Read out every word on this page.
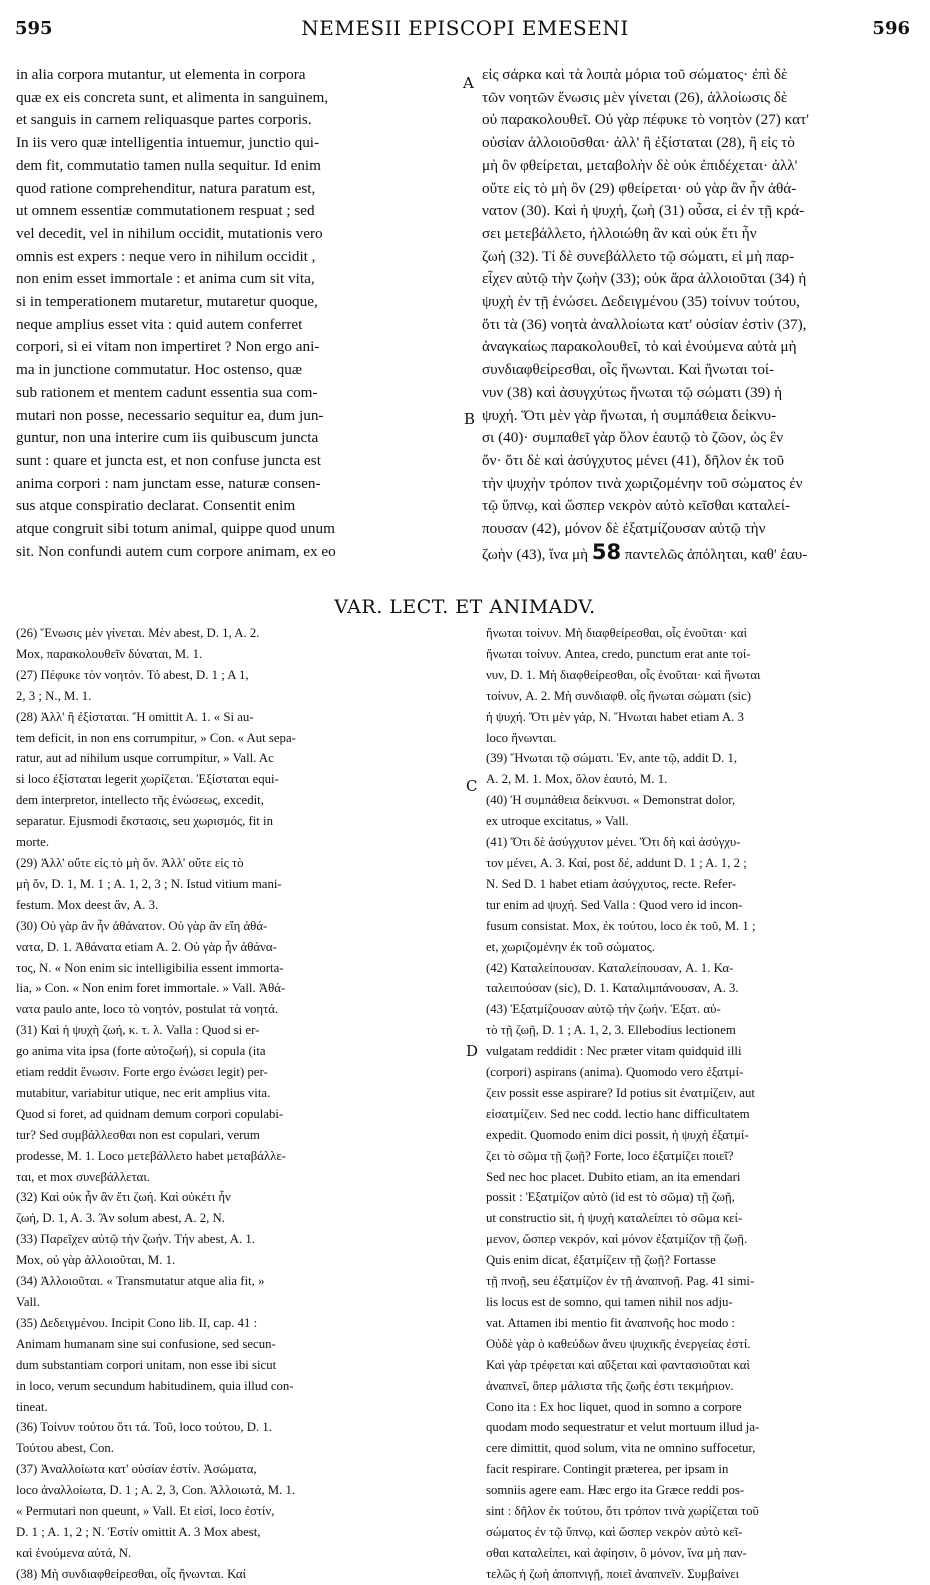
595	NEMESII EPISCOPI EMESENI	596
in alia corpora mutantur, ut elementa in corpora
quæ ex eis concreta sunt, et alimenta in sanguinem,
et sanguis in carnem reliquasque partes corporis.
In iis vero quæ intelligentia intuemur, junctio qui-
dem fit, commutatio tamen nulla sequitur. Id enim
quod ratione comprehenditur, natura paratum est,
ut omnem essentiæ commutationem respuat ; sed
vel decedit, vel in nihilum occidit, mutationis vero
omnis est expers : neque vero in nihilum occidit ,
non enim esset immortale : et anima cum sit vita,
si in temperationem mutaretur, mutaretur quoque,
neque amplius esset vita : quid autem conferret
corpori, si ei vitam non impertiret ? Non ergo ani-
ma in junctione commutatur. Hoc ostenso, quæ
sub rationem et mentem cadunt essentia sua com-
mutari non posse, necessario sequitur ea, dum jun-
guntur, non una interire cum iis quibuscum juncta
sunt : quare et juncta est, et non confuse juncta est
anima corpori : nam junctam esse, naturæ consen-
sus atque conspiratio declarat. Consentit enim
atque congruit sibi totum animal, quippe quod unum
sit. Non confundi autem cum corpore animam, ex eo
εἰς σάρκα καὶ τὰ λοιπὰ μόρια τοῦ σώματος· ἐπὶ δὲ
τῶν νοητῶν ἕνωσις μὲν γίνεται (26), ἀλλοίωσις δὲ
οὐ παρακολουθεῖ. Οὐ γὰρ πέφυκε τὸ νοητὸν (27) κατ'
οὐσίαν ἀλλοιοῦσθαι· ἀλλ' ἢ ἐξίσταται (28), ἢ εἰς τὸ
μὴ ὂν φθείρεται, μεταβολὴν δὲ οὐκ ἐπιδέχεται· ἀλλ'
οὔτε εἰς τὸ μὴ ὂν (29) φθείρεται· οὐ γὰρ ἂν ἦν ἀθά-
νατον (30). Καὶ ἡ ψυχή, ζωὴ (31) οὖσα, εἰ ἐν τῇ κρά-
σει μετεβάλλετο, ἠλλοιώθη ἂν καὶ οὐκ ἔτι ἦν
ζωή (32). Τί δὲ συνεβάλλετο τῷ σώματι, εἰ μὴ παρ-
εἶχεν αὐτῷ τὴν ζωὴν (33); οὐκ ἄρα ἀλλοιοῦται (34) ἡ
ψυχὴ ἐν τῇ ἑνώσει. Δεδειγμένου (35) τοίνυν τούτου,
ὅτι τὰ (36) νοητὰ ἀναλλοίωτα κατ' οὐσίαν ἐστὶν (37),
ἀναγκαίως παρακολουθεῖ, τὸ καὶ ἑνούμενα αὐτὰ μὴ
συνδιαφθείρεσθαι, οἷς ἥνωνται. Καὶ ἥνωται τοί-
νυν (38) καὶ ἀσυγχύτως ἥνωται τῷ σώματι (39) ἡ
ψυχή. Ὅτι μὲν γὰρ ἥνωται, ἡ συμπάθεια δείκνυ-
σι (40)· συμπαθεῖ γὰρ ὅλον ἑαυτῷ τὸ ζῶον, ὡς ἓν
ὄν· ὅτι δὲ καὶ ἀσύγχυτος μένει (41), δῆλον ἐκ τοῦ
τὴν ψυχὴν τρόπον τινὰ χωριζομένην τοῦ σώματος ἐν
τῷ ὕπνῳ, καὶ ὥσπερ νεκρὸν αὐτὸ κεῖσθαι καταλεί-
πουσαν (42), μόνον δὲ ἐξατμίζουσαν αὐτῷ τὴν
ζωὴν (43), ἵνα μὴ 58 παντελῶς ἀπόληται, καθ' ἑαυ-
A
B
VAR. LECT. ET ANIMADV.
(26) Ἕνωσις μὲν γίνεται. Μὲν abest, D. 1, A. 2.
Mox, παρακολουθεῖν δύναται, M. 1.
(27) Πέφυκε τὸν νοητόν. Τό abest, D. 1 ; A 1,
2, 3 ; N., M. 1.
(28) Ἀλλ' ἢ ἐξίσταται. Ἤ omittit A. 1. « Si au-
tem deficit, in non ens corrumpitur, » Con. « Aut sepa-
ratur, aut ad nihilum usque corrumpitur, » Vall. Ac
si loco ἐξίσταται legerit χωρίζεται. Ἐξίσταται equi-
dem interpretor, intellecto τῆς ἑνώσεως, excedit,
separatur. Ejusmodi ἔκστασις, seu χωρισμός, fit in
morte.
(29) Ἀλλ' οὔτε εἰς τὸ μὴ ὄν. Ἀλλ' οὔτε εἰς τὸ
μὴ ὄν, D. 1, M. 1 ; A. 1, 2, 3 ; N. Istud vitium mani-
festum. Mox deest ἄν, A. 3.
(30) Οὐ γὰρ ἂν ἦν ἀθάνατον. Οὐ γὰρ ἂν εἴη ἀθά-
νατα, D. 1. Ἀθάνατα etiam A. 2. Οὐ γὰρ ἦν ἀθάνα-
τος, N. « Non enim sic intelligibilia essent immorta-
lia, » Con. « Non enim foret immortale. » Vall. Ἀθά-
νατα paulo ante, loco τὸ νοητόν, postulat τὰ νοητά.
(31) Καὶ ἡ ψυχὴ ζωή, κ. τ. λ. Valla : Quod si er-
go anima vita ipsa (forte αὐτοζωή), si copula (ita
etiam reddit ἕνωσιν. Forte ergo ἑνώσει legit) per-
mutabitur, variabitur utique, nec erit amplius vita.
Quod si foret, ad quidnam demum corpori copulabi-
tur? Sed συμβάλλεσθαι non est copulari, verum
prodesse, M. 1. Loco μετεβάλλετο habet μεταβάλλε-
ται, et mox συνεβάλλεται.
(32) Καὶ οὐκ ἦν ἂν ἔτι ζωή. Καὶ οὐκέτι ἦν
ζωή, D. 1, A. 3. Ἂν solum abest, A. 2, N.
(33) Παρεῖχεν αὐτῷ τὴν ζωήν. Τήν abest, A. 1.
Mox, οὐ γὰρ ἀλλοιοῦται, M. 1.
(34) Ἀλλοιοῦται. « Transmutatur atque alia fit, »
Vall.
(35) Δεδειγμένου. Incipit Cono lib. II, cap. 41 :
Animam humanam sine sui confusione, sed secun-
dum substantiam corpori unitam, non esse ibi sicut
in loco, verum secundum habitudinem, quia illud con-
tineat.
(36) Τοίνυν τούτου ὅτι τά. Τοῦ, loco τούτου, D. 1.
Τούτου abest, Con.
(37) Ἀναλλοίωτα κατ' οὐσίαν ἐστίν. Ἀσώματα,
loco ἀναλλοίωτα, D. 1 ; A. 2, 3, Con. Ἀλλοιωτά, M. 1.
« Permutari non queunt, » Vall. Et εἰσί, loco ἐστίν,
D. 1 ; A. 1, 2 ; N. Ἐστίν omittit A. 3 Mox abest,
καὶ ἑνούμενα αὐτά, N.
(38) Μὴ συνδιαφθείρεσθαι, οἷς ἥνωνται. Καί
ἥνωται τοίνυν. Μὴ διαφθείρεσθαι, οἷς ἑνοῦται· καὶ
ἥνωται τοίνυν. Antea, credo, punctum erat ante τοί-
νυν, D. 1. Μὴ διαφθείρεσθαι, οἷς ἑνοῦται· καὶ ἥνωται
τοίνυν, A. 2. Μὴ συνδιαφθ. οἷς ἥνωται σώματι (sic)
ἡ ψυχή. Ὅτι μὲν γάρ, N. Ἥνωται habet etiam A. 3
loco ἥνωνται.
(39) Ἥνωται τῷ σώματι. Ἐν, ante τῷ, addit D. 1,
A. 2, M. 1. Mox, ὅλον ἑαυτό, M. 1.
(40) Ἡ συμπάθεια δείκνυσι. « Demonstrat dolor,
ex utroque excitatus, » Vall.
(41) Ὅτι δὲ ἀσύγχυτον μένει. Ὅτι δὴ καὶ ἀσύγχυ-
τον μένει, A. 3. Καί, post δέ, addunt D. 1 ; A. 1, 2 ;
N. Sed D. 1 habet etiam ἀσύγχυτος, recte. Refer-
tur enim ad ψυχή. Sed Valla : Quod vero id incon-
fusum consistat. Mox, ἐκ τούτου, loco ἐκ τοῦ, M. 1 ;
et, χωριζομένην ἐκ τοῦ σώματος.
(42) Καταλείπουσαν. Καταλείπουσαν, A. 1. Κα-
ταλειπούσαν (sic), D. 1. Καταλιμπάνουσαν, A. 3.
(43) Ἐξατμίζουσαν αὐτῷ τὴν ζωήν. Ἐξατ. αὐ-
τὸ τῇ ζωῇ, D. 1 ; A. 1, 2, 3. Ellebodius lectionem
vulgatam reddidit : Nec præter vitam quidquid illi
(corpori) aspirans (anima). Quomodo vero ἐξατμί-
ζειν possit esse aspirare? Id potius sit ἐνατμίζειν, aut
εἰσατμίζειν. Sed nec codd. lectio hanc difficultatem
expedit. Quomodo enim dici possit, ἡ ψυχὴ ἐξατμί-
ζει τὸ σῶμα τῇ ζωῇ? Forte, loco ἐξατμίζει ποιεῖ?
Sed nec hoc placet. Dubito etiam, an ita emendari
possit : Ἐξατμίζον αὐτὸ (id est τὸ σῶμα) τῇ ζωῇ,
ut constructio sit, ἡ ψυχὴ καταλείπει τὸ σῶμα κεί-
μενον, ὥσπερ νεκρόν, καὶ μόνον ἐξατμίζον τῇ ζωῇ.
Quis enim dicat, ἐξατμίζειν τῇ ζωῇ? Fortasse
τῇ πνοῇ, seu ἐξατμίζον ἐν τῇ ἀναπνοῇ. Pag. 41 simi-
lis locus est de somno, qui tamen nihil nos adju-
vat. Attamen ibi mentio fit ἀναπνοῆς hoc modo :
Οὐδὲ γὰρ ὁ καθεύδων ἄνευ ψυχικῆς ἐνεργείας ἐστί.
Καὶ γὰρ τρέφεται καὶ αὔξεται καὶ φαντασιοῦται καὶ
ἀναπνεῖ, ὅπερ μάλιστα τῆς ζωῆς ἐστι τεκμήριον.
Cono ita : Ex hoc liquet, quod in somno a corpore
quodam modo sequestratur et velut mortuum illud ja-
cere dimittit, quod solum, vita ne omnino suffocetur,
facit respirare. Contingit præterea, per ipsam in
somniis agere eam. Hæc ergo ita Græce reddi pos-
sint : δῆλον ἐκ τούτου, ὅτι τρόπον τινὰ χωρίζεται τοῦ
σώματος ἐν τῷ ὕπνῳ, καὶ ὥσπερ νεκρὸν αὐτὸ κεῖ-
σθαι καταλείπει, καὶ ἀφίησιν, ὃ μόνον, ἵνα μὴ παν-
τελῶς ἡ ζωὴ ἀποπνιγῇ, ποιεῖ ἀναπνεῖν. Συμβαίνει
C
D
